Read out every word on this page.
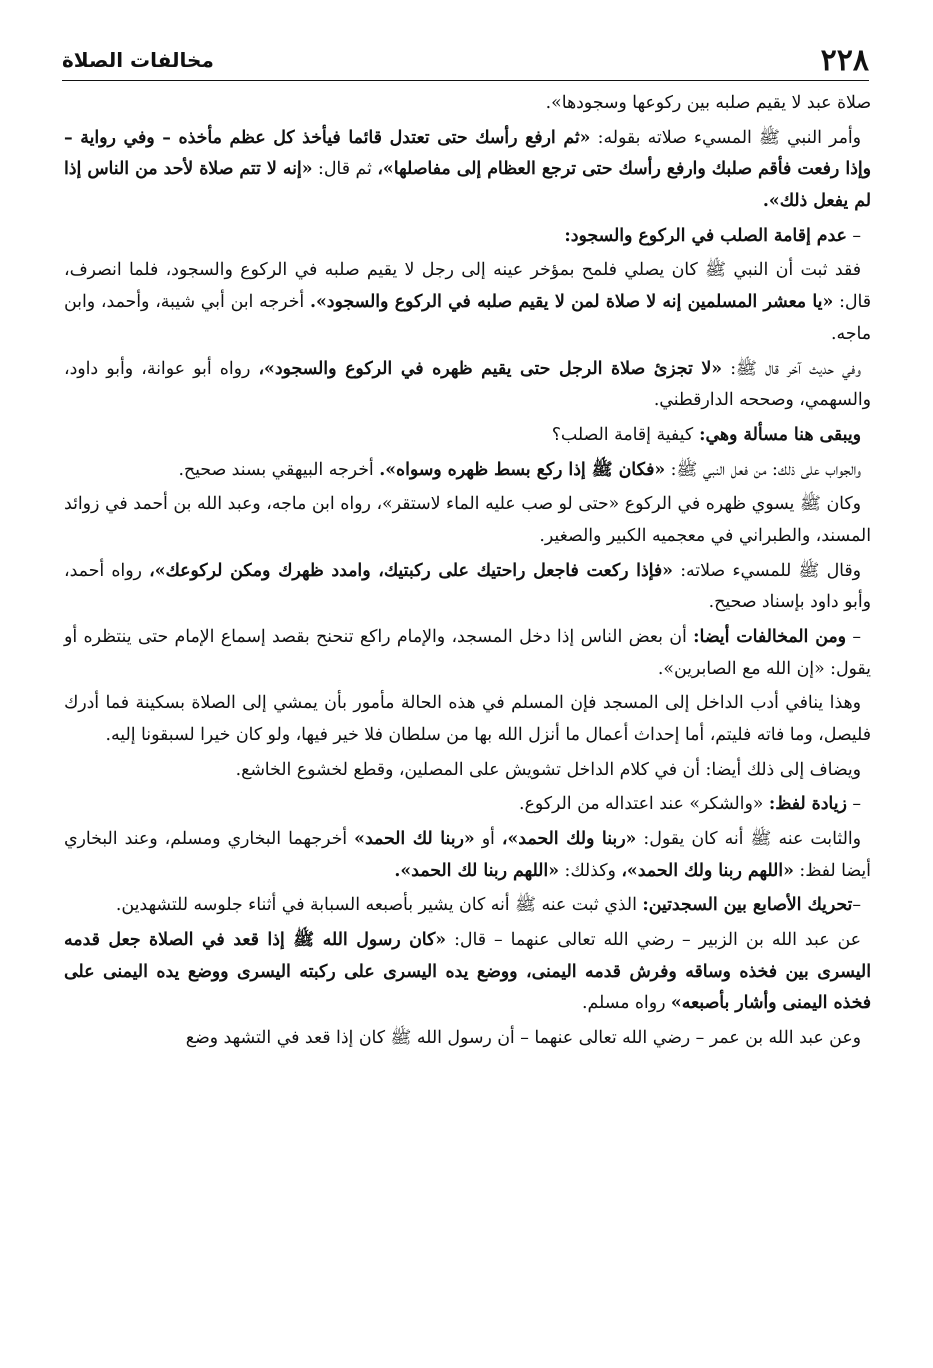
٢٢٨
مخالفات الصلاة

صلاة عبد لا يقيم صلبه بين ركوعها وسجودها».

وأمر النبي ﷺ المسيء صلاته بقوله: «ثم ارفع رأسك حتى تعتدل قائما فيأخذ كل عظم مأخذه – وفي رواية – وإذا رفعت فأقم صلبك وارفع رأسك حتى ترجع العظام إلى مفاصلها»، ثم قال: «إنه لا تتم صلاة لأحد من الناس إذا لم يفعل ذلك».

– عدم إقامة الصلب في الركوع والسجود:

فقد ثبت أن النبي ﷺ كان يصلي فلمح بمؤخر عينه إلى رجل لا يقيم صلبه في الركوع والسجود، فلما انصرف، قال: «يا معشر المسلمين إنه لا صلاة لمن لا يقيم صلبه في الركوع والسجود». أخرجه ابن أبي شيبة، وأحمد، وابن ماجه.

وفي حديث آخر قال ﷺ: «لا تجزئ صلاة الرجل حتى يقيم ظهره في الركوع والسجود»، رواه أبو عوانة، وأبو داود، والسهمي، وصححه الدارقطني.

ويبقى هنا مسألة وهي: كيفية إقامة الصلب؟

والجواب على ذلك: من فعل النبي ﷺ: «فكان ﷺ إذا ركع بسط ظهره وسواه». أخرجه البيهقي بسند صحيح.

وكان ﷺ يسوي ظهره في الركوع «حتى لو صب عليه الماء لاستقر»، رواه ابن ماجه، وعبد الله بن أحمد في زوائد المسند، والطبراني في معجميه الكبير والصغير.

وقال ﷺ للمسيء صلاته: «فإذا ركعت فاجعل راحتيك على ركبتيك، وامدد ظهرك ومكن لركوعك»، رواه أحمد، وأبو داود بإسناد صحيح.

– ومن المخالفات أيضا: أن بعض الناس إذا دخل المسجد، والإمام راكع تنحنح بقصد إسماع الإمام حتى ينتظره أو يقول: «إن الله مع الصابرين».

وهذا ينافي أدب الداخل إلى المسجد فإن المسلم في هذه الحالة مأمور بأن يمشي إلى الصلاة بسكينة فما أدرك فليصل، وما فاته فليتم، أما إحداث أعمال ما أنزل الله بها من سلطان فلا خير فيها، ولو كان خيرا لسبقونا إليه.

ويضاف إلى ذلك أيضا: أن في كلام الداخل تشويش على المصلين، وقطع لخشوع الخاشع.

– زيادة لفظ: «والشكر» عند اعتداله من الركوع.

والثابت عنه ﷺ أنه كان يقول: «ربنا ولك الحمد»، أو «ربنا لك الحمد» أخرجهما البخاري ومسلم، وعند البخاري أيضا لفظ: «اللهم ربنا ولك الحمد»، وكذلك: «اللهم ربنا لك الحمد».

–تحريك الأصابع بين السجدتين: الذي ثبت عنه ﷺ أنه كان يشير بأصبعه السبابة في أثناء جلوسه للتشهدين.

عن عبد الله بن الزبير – رضي الله تعالى عنهما – قال: «كان رسول الله ﷺ إذا قعد في الصلاة جعل قدمه اليسرى بين فخذه وساقه وفرش قدمه اليمنى، ووضع يده اليسرى على ركبته اليسرى ووضع يده اليمنى على فخذه اليمنى وأشار بأصبعه» رواه مسلم.

وعن عبد الله بن عمر – رضي الله تعالى عنهما – أن رسول الله ﷺ كان إذا قعد في التشهد وضع
